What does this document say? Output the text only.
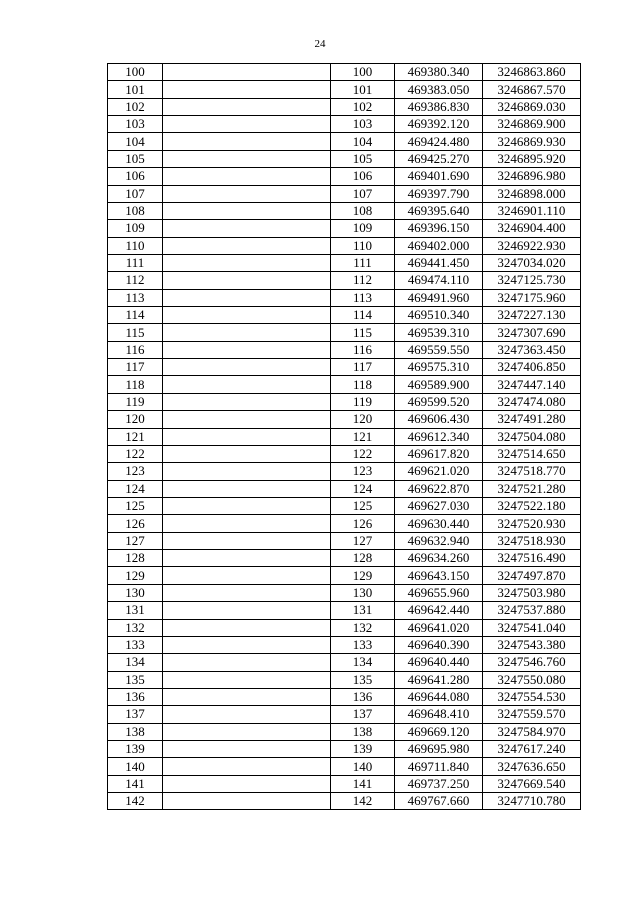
24
100		100	469380.340	3246863.860
101		101	469383.050	3246867.570
102		102	469386.830	3246869.030
103		103	469392.120	3246869.900
104		104	469424.480	3246869.930
105		105	469425.270	3246895.920
106		106	469401.690	3246896.980
107		107	469397.790	3246898.000
108		108	469395.640	3246901.110
109		109	469396.150	3246904.400
110		110	469402.000	3246922.930
111		111	469441.450	3247034.020
112		112	469474.110	3247125.730
113		113	469491.960	3247175.960
114		114	469510.340	3247227.130
115		115	469539.310	3247307.690
116		116	469559.550	3247363.450
117		117	469575.310	3247406.850
118		118	469589.900	3247447.140
119		119	469599.520	3247474.080
120		120	469606.430	3247491.280
121		121	469612.340	3247504.080
122		122	469617.820	3247514.650
123		123	469621.020	3247518.770
124		124	469622.870	3247521.280
125		125	469627.030	3247522.180
126		126	469630.440	3247520.930
127		127	469632.940	3247518.930
128		128	469634.260	3247516.490
129		129	469643.150	3247497.870
130		130	469655.960	3247503.980
131		131	469642.440	3247537.880
132		132	469641.020	3247541.040
133		133	469640.390	3247543.380
134		134	469640.440	3247546.760
135		135	469641.280	3247550.080
136		136	469644.080	3247554.530
137		137	469648.410	3247559.570
138		138	469669.120	3247584.970
139		139	469695.980	3247617.240
140		140	469711.840	3247636.650
141		141	469737.250	3247669.540
142		142	469767.660	3247710.780
